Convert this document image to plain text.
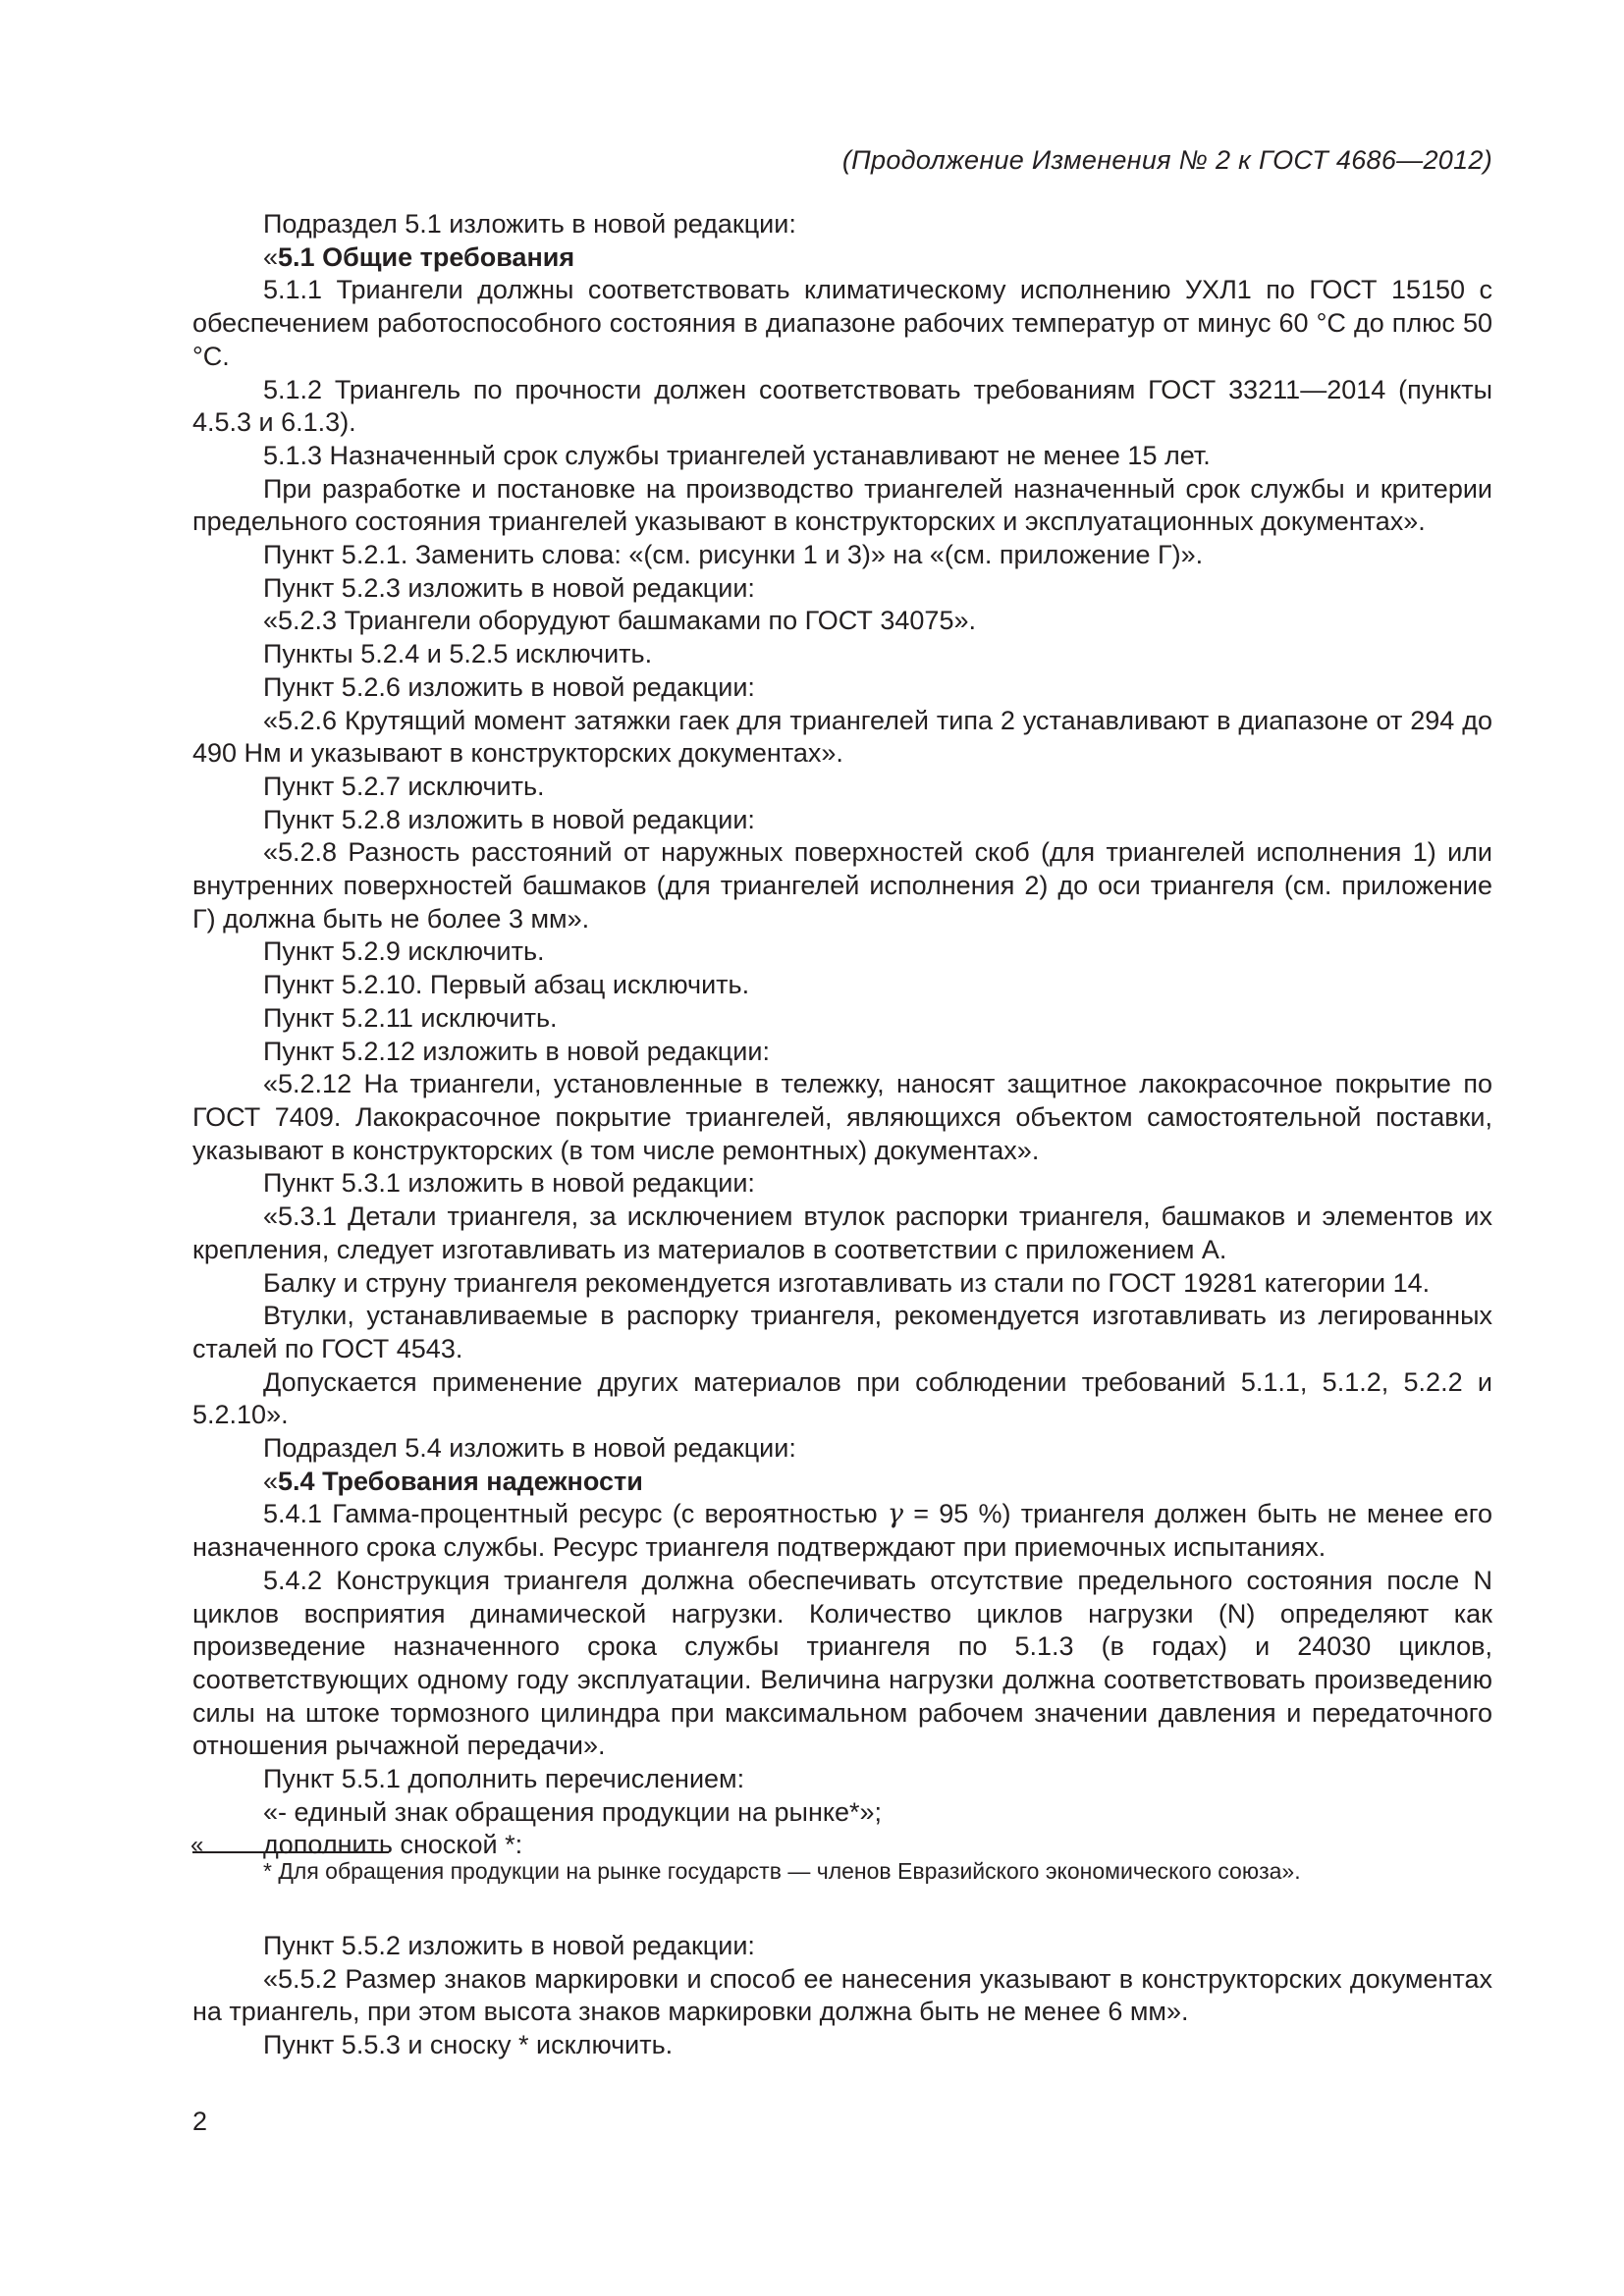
(Продолжение Изменения № 2 к ГОСТ 4686—2012)

Подраздел 5.1 изложить в новой редакции:

«5.1 Общие требования

5.1.1 Триангели должны соответствовать климатическому исполнению УХЛ1 по ГОСТ 15150 с обеспечением работоспособного состояния в диапазоне рабочих температур от минус 60 °С до плюс 50 °С.

5.1.2 Триангель по прочности должен соответствовать требованиям ГОСТ 33211—2014 (пункты 4.5.3 и 6.1.3).

5.1.3 Назначенный срок службы триангелей устанавливают не менее 15 лет.

При разработке и постановке на производство триангелей назначенный срок службы и критерии предельного состояния триангелей указывают в конструкторских и эксплуатационных документах».

Пункт 5.2.1. Заменить слова: «(см. рисунки 1 и 3)» на «(см. приложение Г)».

Пункт 5.2.3 изложить в новой редакции:

«5.2.3 Триангели оборудуют башмаками по ГОСТ 34075».

Пункты 5.2.4 и 5.2.5 исключить.

Пункт 5.2.6 изложить в новой редакции:

«5.2.6 Крутящий момент затяжки гаек для триангелей типа 2 устанавливают в диапазоне от 294 до 490 Нм и указывают в конструкторских документах».

Пункт 5.2.7 исключить.

Пункт 5.2.8 изложить в новой редакции:

«5.2.8 Разность расстояний от наружных поверхностей скоб (для триангелей исполнения 1) или внутренних поверхностей башмаков (для триангелей исполнения 2) до оси триангеля (см. приложение Г) должна быть не более 3 мм».

Пункт 5.2.9 исключить.

Пункт 5.2.10. Первый абзац исключить.

Пункт 5.2.11 исключить.

Пункт 5.2.12 изложить в новой редакции:

«5.2.12 На триангели, установленные в тележку, наносят защитное лакокрасочное покрытие по ГОСТ 7409. Лакокрасочное покрытие триангелей, являющихся объектом самостоятельной поставки, указывают в конструкторских (в том числе ремонтных) документах».

Пункт 5.3.1 изложить в новой редакции:

«5.3.1 Детали триангеля, за исключением втулок распорки триангеля, башмаков и элементов их крепления, следует изготавливать из материалов в соответствии с приложением А.

Балку и струну триангеля рекомендуется изготавливать из стали по ГОСТ 19281 категории 14.

Втулки, устанавливаемые в распорку триангеля, рекомендуется изготавливать из легированных сталей по ГОСТ 4543.

Допускается применение других материалов при соблюдении требований 5.1.1, 5.1.2, 5.2.2 и 5.2.10».

Подраздел 5.4 изложить в новой редакции:

«5.4 Требования надежности

5.4.1 Гамма-процентный ресурс (с вероятностью γ = 95 %) триангеля должен быть не менее его назначенного срока службы. Ресурс триангеля подтверждают при приемочных испытаниях.

5.4.2 Конструкция триангеля должна обеспечивать отсутствие предельного состояния после N циклов восприятия динамической нагрузки. Количество циклов нагрузки (N) определяют как произведение назначенного срока службы триангеля по 5.1.3 (в годах) и 24030 циклов, соответствующих одному году эксплуатации. Величина нагрузки должна соответствовать произведению силы на штоке тормозного цилиндра при максимальном рабочем значении давления и передаточного отношения рычажной передачи».

Пункт 5.5.1 дополнить перечислением:

«- единый знак обращения продукции на рынке*»;

дополнить сноской *:

«
* Для обращения продукции на рынке государств — членов Евразийского экономического союза».

Пункт 5.5.2 изложить в новой редакции:

«5.5.2 Размер знаков маркировки и способ ее нанесения указывают в конструкторских документах на триангель, при этом высота знаков маркировки должна быть не менее 6 мм».

Пункт 5.5.3 и сноску * исключить.

2
